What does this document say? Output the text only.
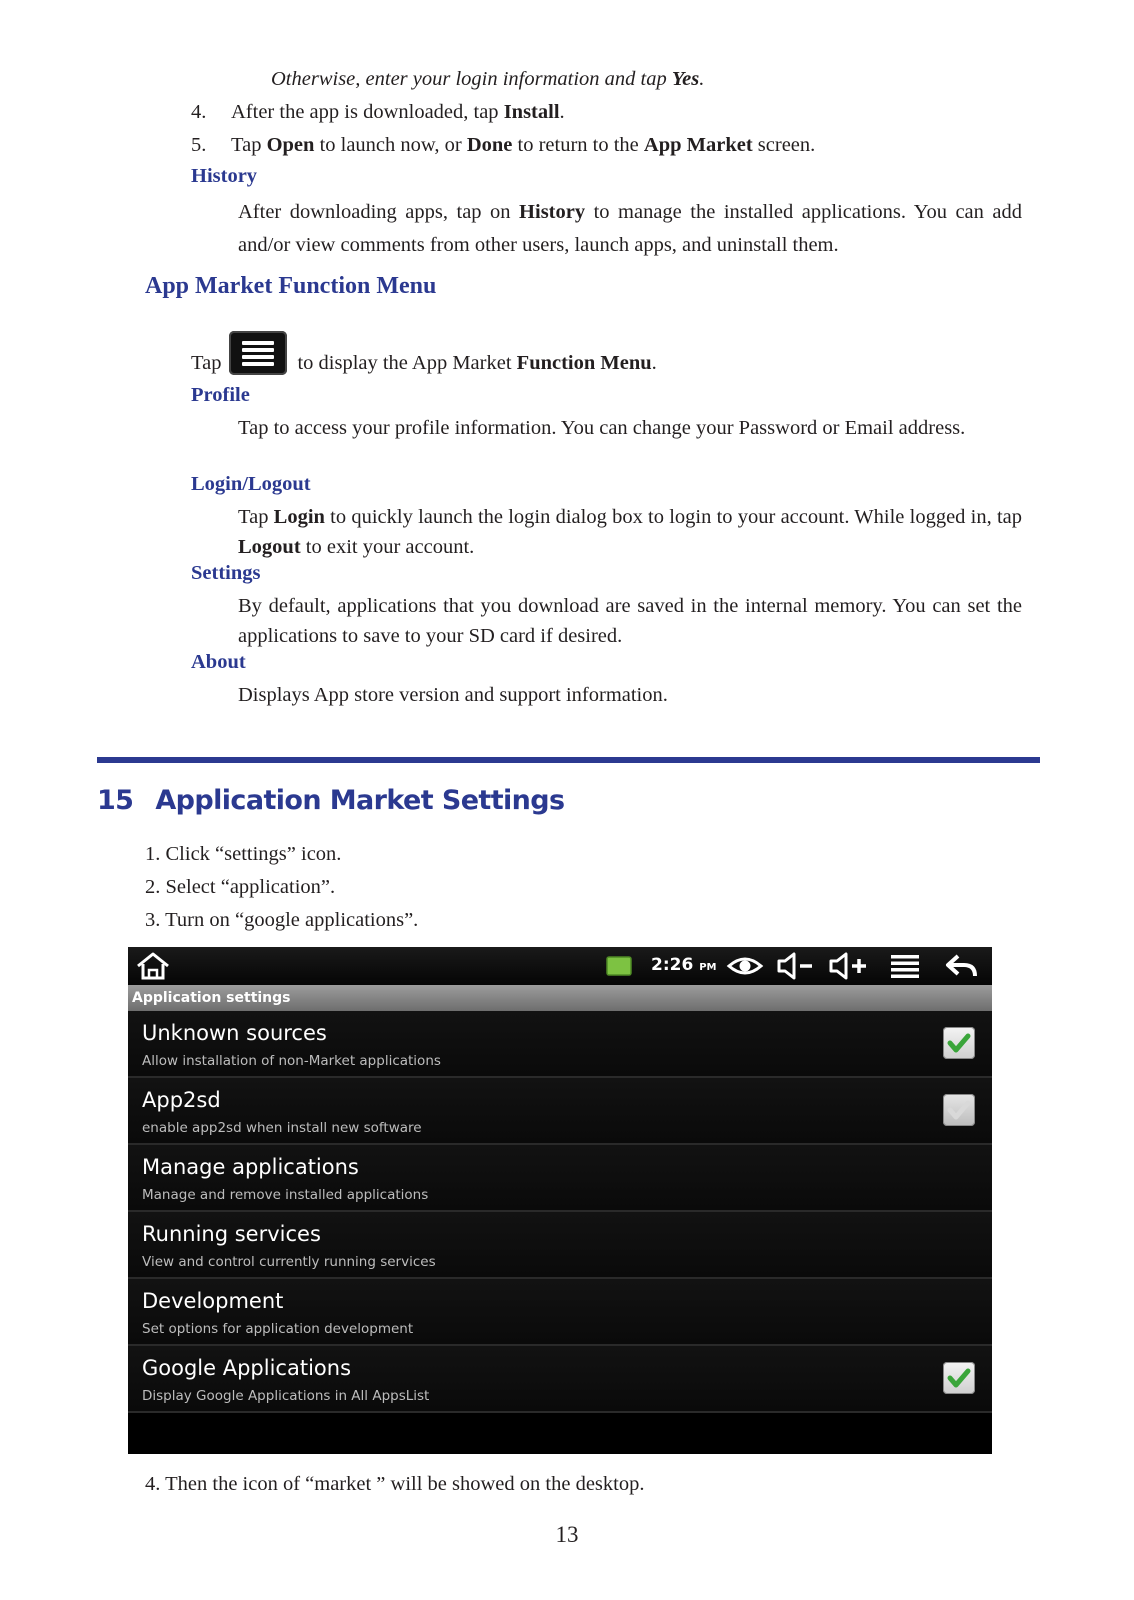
Otherwise, enter your login information and tap Yes.
4. After the app is downloaded, tap Install.
5. Tap Open to launch now, or Done to return to the App Market screen.
History
After downloading apps, tap on History to manage the installed applications. You can add and/or view comments from other users, launch apps, and uninstall them.
App Market Function Menu
Tap	to display the App Market Function Menu.
Profile
Tap to access your profile information. You can change your Password or Email address.
Login/Logout
Tap Login to quickly launch the login dialog box to login to your account. While logged in, tap Logout to exit your account.
Settings
By default, applications that you download are saved in the internal memory. You can set the applications to save to your SD card if desired.
About
Displays App store version and support information.
15 Application Market Settings
1. Click “settings” icon.
2. Select “application”.
3. Turn on “google applications”.
2:26 PM
Application settings
Unknown sources
Allow installation of non-Market applications
App2sd
enable app2sd when install new software
Manage applications
Manage and remove installed applications
Running services
View and control currently running services
Development
Set options for application development
Google Applications
Display Google Applications in All AppsList
4. Then the icon of “market ” will be showed on the desktop.
13
